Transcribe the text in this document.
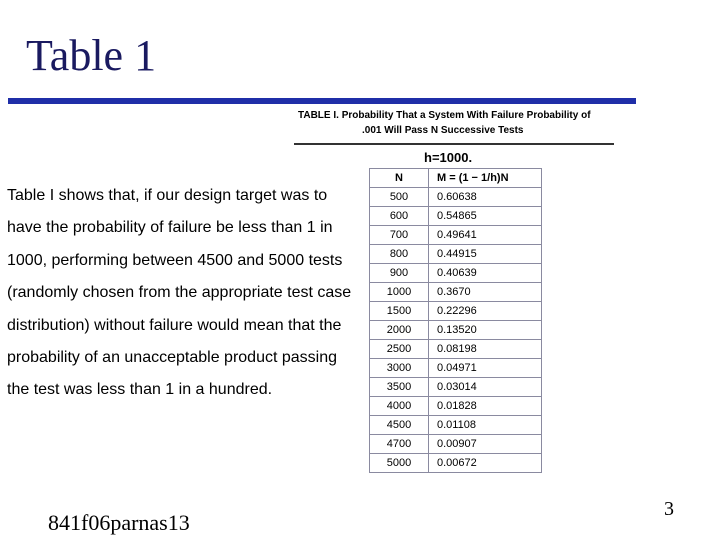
Table 1
TABLE I. Probability That a System With Failure Probability of
.001 Will Pass N Successive Tests
h=1000.
N	M = (1 − 1/h)N
500	0.60638
600	0.54865
700	0.49641
800	0.44915
900	0.40639
1000	0.3670
1500	0.22296
2000	0.13520
2500	0.08198
3000	0.04971
3500	0.03014
4000	0.01828
4500	0.01108
4700	0.00907
5000	0.00672

Table I shows that, if our design target was to have the probability of failure be less than 1 in 1000, performing between 4500 and 5000 tests (randomly chosen from the appropriate test case distribution) without failure would mean that the probability of an unacceptable product passing the test was less than 1 in a hundred.

841f06parnas13
3
